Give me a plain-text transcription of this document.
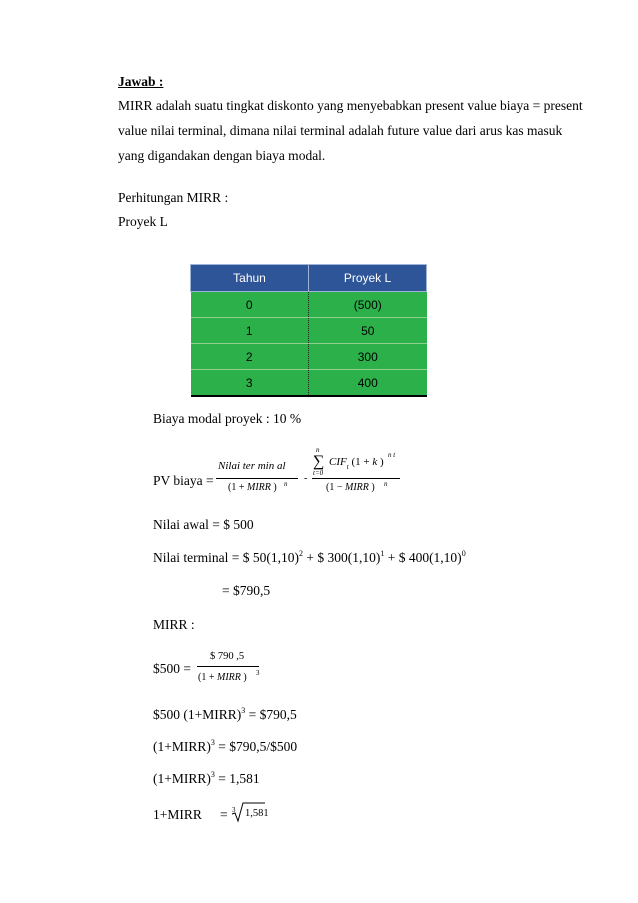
Jawab :
MIRR adalah suatu tingkat diskonto yang menyebabkan present value biaya = present
value nilai terminal, dimana nilai terminal adalah future value dari arus kas masuk
yang digandakan dengan biaya modal.
Perhitungan MIRR :
Proyek L
Tahun	Proyek L
0	(500)
1	50
2	300
3	400
Biaya modal proyek : 10 %
PV biaya =
Nilai ter min al
(1 + MIRR ) n -
n
∑
t=0
$CIF_t$ (1 + k )
n t
(1 − MIRR ) n
Nilai awal = $ 500
Nilai terminal = $ $50(1,10)^2$ + $ $300(1,10)^1$ + $ $400(1,10)^0$
= $790,5
MIRR :
$500 =
$ 790 ,5
(1 + MIRR ) 3
$500 (1+MIRR)$^3$ = $790,5
(1+MIRR)$^3$ = $790,5/$500
(1+MIRR)$^3$ = 1,581
1+MIRR = 3 1,581
